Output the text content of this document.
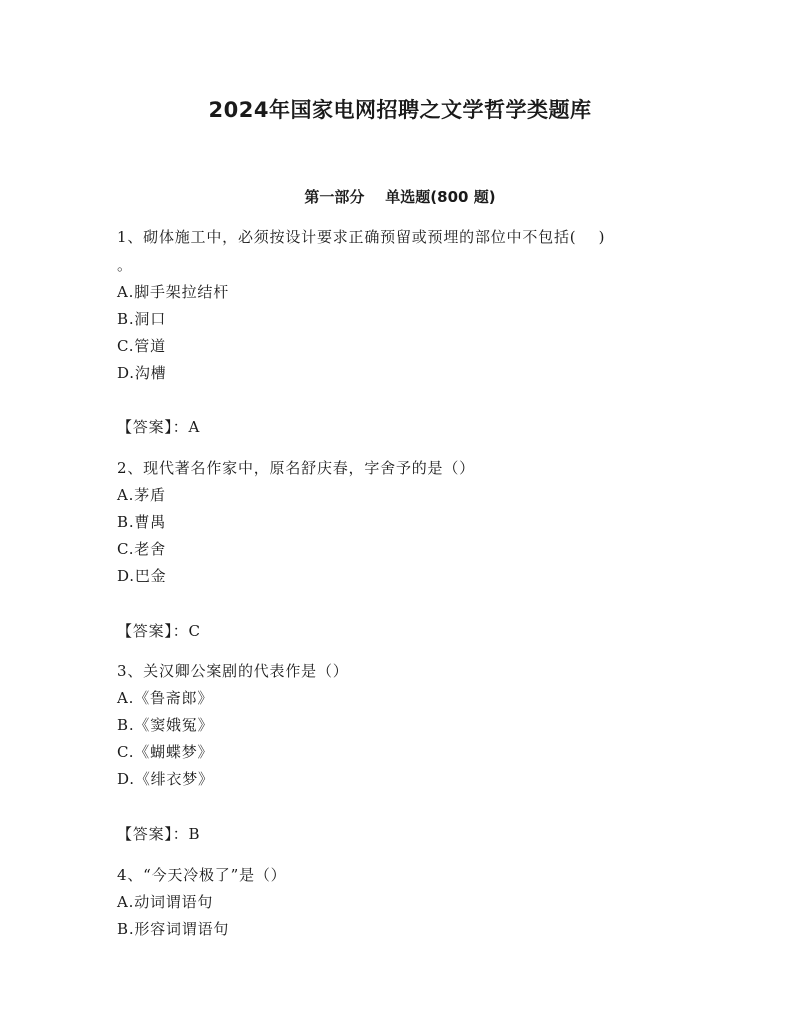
2024年国家电网招聘之文学哲学类题库
第一部分    单选题(800 题)
1、砌体施工中，必须按设计要求正确预留或预埋的部位中不包括(    )
。
A.脚手架拉结杆
B.洞口
C.管道
D.沟槽
【答案】：A
2、现代著名作家中，原名舒庆春，字舍予的是（）
A.茅盾
B.曹禺
C.老舍
D.巴金
【答案】：C
3、关汉卿公案剧的代表作是（）
A.《鲁斋郎》
B.《窦娥冤》
C.《蝴蝶梦》
D.《绯衣梦》
【答案】：B
4、“今天冷极了”是（）
A.动词谓语句
B.形容词谓语句
